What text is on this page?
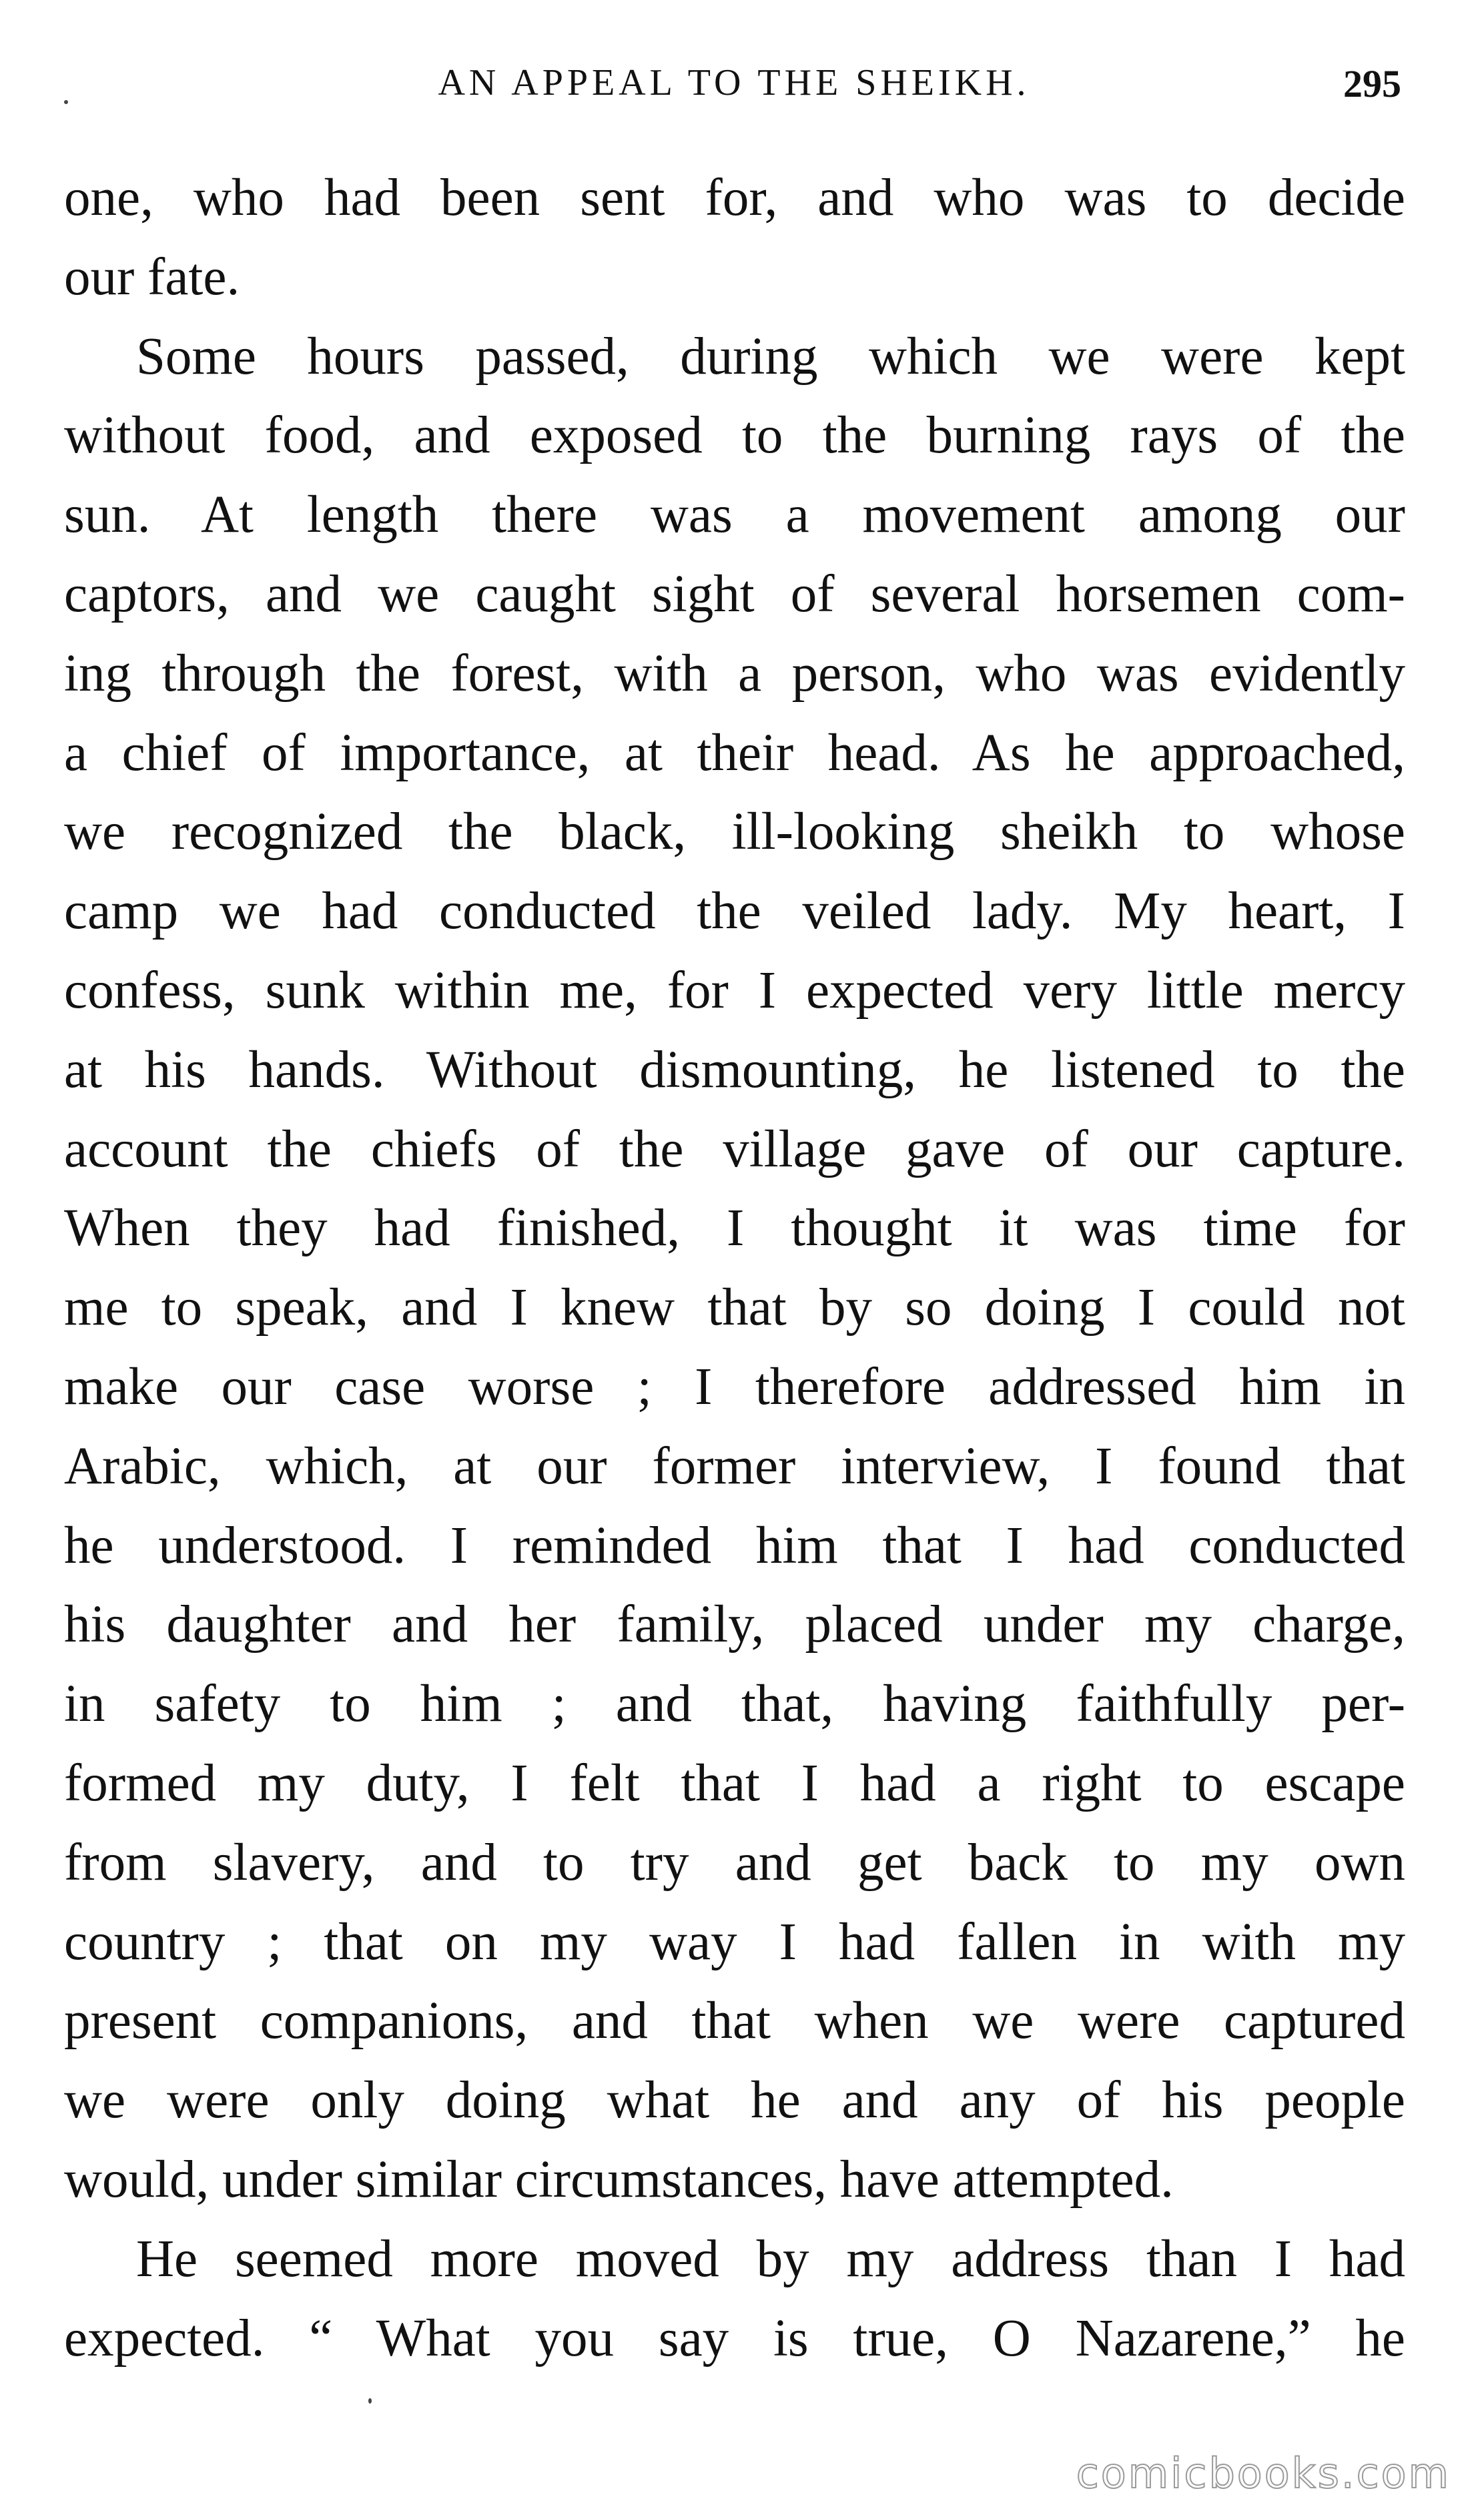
AN APPEAL TO THE SHEIKH.	295
one, who had been sent for, and who was to decide
our fate.
Some hours passed, during which we were kept
without food, and exposed to the burning rays of the
sun. At length there was a movement among our
captors, and we caught sight of several horsemen com-
ing through the forest, with a person, who was evidently
a chief of importance, at their head. As he approached,
we recognized the black, ill-looking sheikh to whose
camp we had conducted the veiled lady. My heart, I
confess, sunk within me, for I expected very little mercy
at his hands. Without dismounting, he listened to the
account the chiefs of the village gave of our capture.
When they had finished, I thought it was time for
me to speak, and I knew that by so doing I could not
make our case worse ; I therefore addressed him in
Arabic, which, at our former interview, I found that
he understood. I reminded him that I had conducted
his daughter and her family, placed under my charge,
in safety to him ; and that, having faithfully per-
formed my duty, I felt that I had a right to escape
from slavery, and to try and get back to my own
country ; that on my way I had fallen in with my
present companions, and that when we were captured
we were only doing what he and any of his people
would, under similar circumstances, have attempted.
He seemed more moved by my address than I had
expected. “ What you say is true, O Nazarene,” he
comicbooks.com
